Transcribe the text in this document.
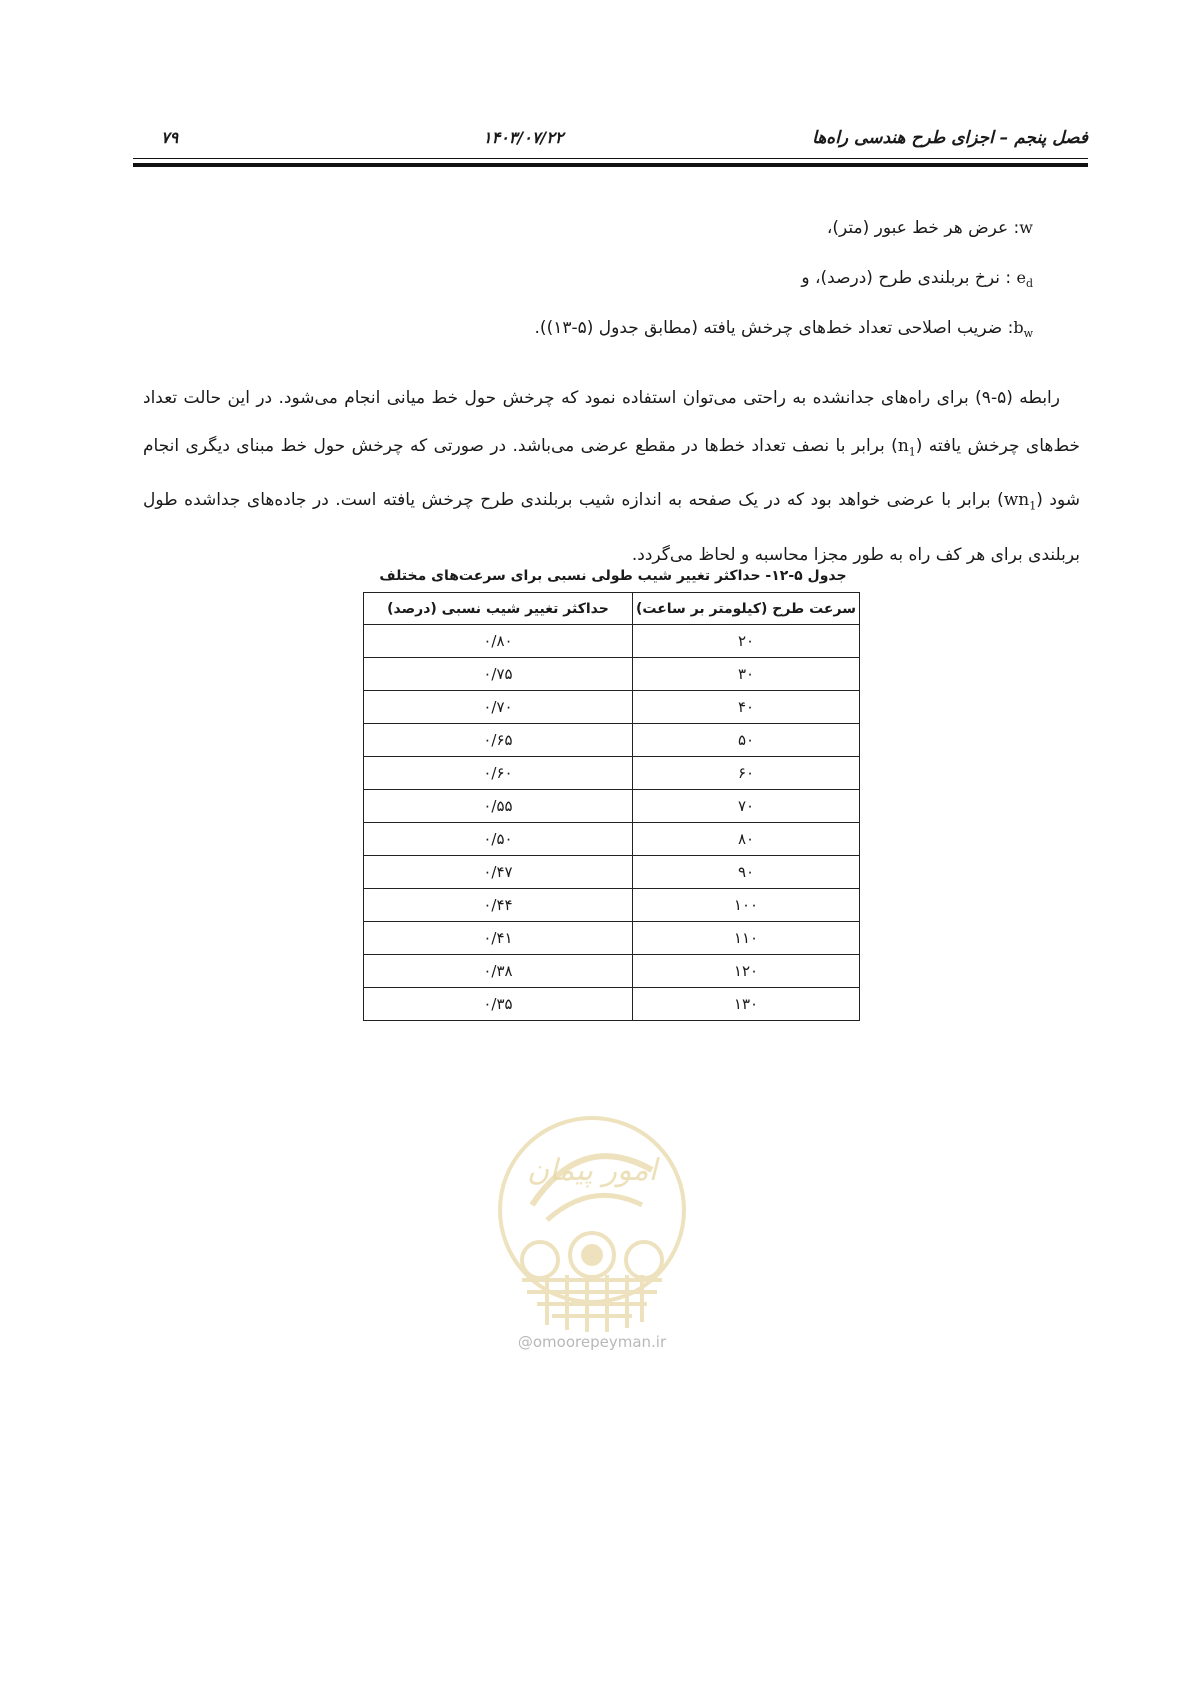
فصل پنجم – اجزای طرح هندسی راه‌ها
۱۴۰۳/۰۷/۲۲
۷۹
w: عرض هر خط عبور (متر)،
$e_d$ : نرخ بربلندی طرح (درصد)، و
$b_w$: ضریب اصلاحی تعداد خط‌های چرخش یافته (مطابق جدول (۵-۱۳)).

رابطه (۵-۹) برای راه‌های جدانشده به راحتی می‌توان استفاده نمود که چرخش حول خط میانی انجام می‌شود. در این حالت تعداد خط‌های چرخش یافته $(n_1)$ برابر با نصف تعداد خط‌ها در مقطع عرضی می‌باشد. در صورتی که چرخش حول خط مبنای دیگری انجام شود $(wn_1)$ برابر با عرضی خواهد بود که در یک صفحه به اندازه شیب بربلندی طرح چرخش یافته است. در جاده‌های جداشده طول بربلندی برای هر کف راه به طور مجزا محاسبه و لحاظ می‌گردد.

جدول ۵-۱۲- حداکثر تغییر شیب طولی نسبی برای سرعت‌های مختلف
سرعت طرح (کیلومتر بر ساعت)	حداکثر تغییر شیب نسبی (درصد)
۲۰	۰/۸۰
۳۰	۰/۷۵
۴۰	۰/۷۰
۵۰	۰/۶۵
۶۰	۰/۶۰
۷۰	۰/۵۵
۸۰	۰/۵۰
۹۰	۰/۴۷
۱۰۰	۰/۴۴
۱۱۰	۰/۴۱
۱۲۰	۰/۳۸
۱۳۰	۰/۳۵
امور پیمان
@omoorepeyman.ir
